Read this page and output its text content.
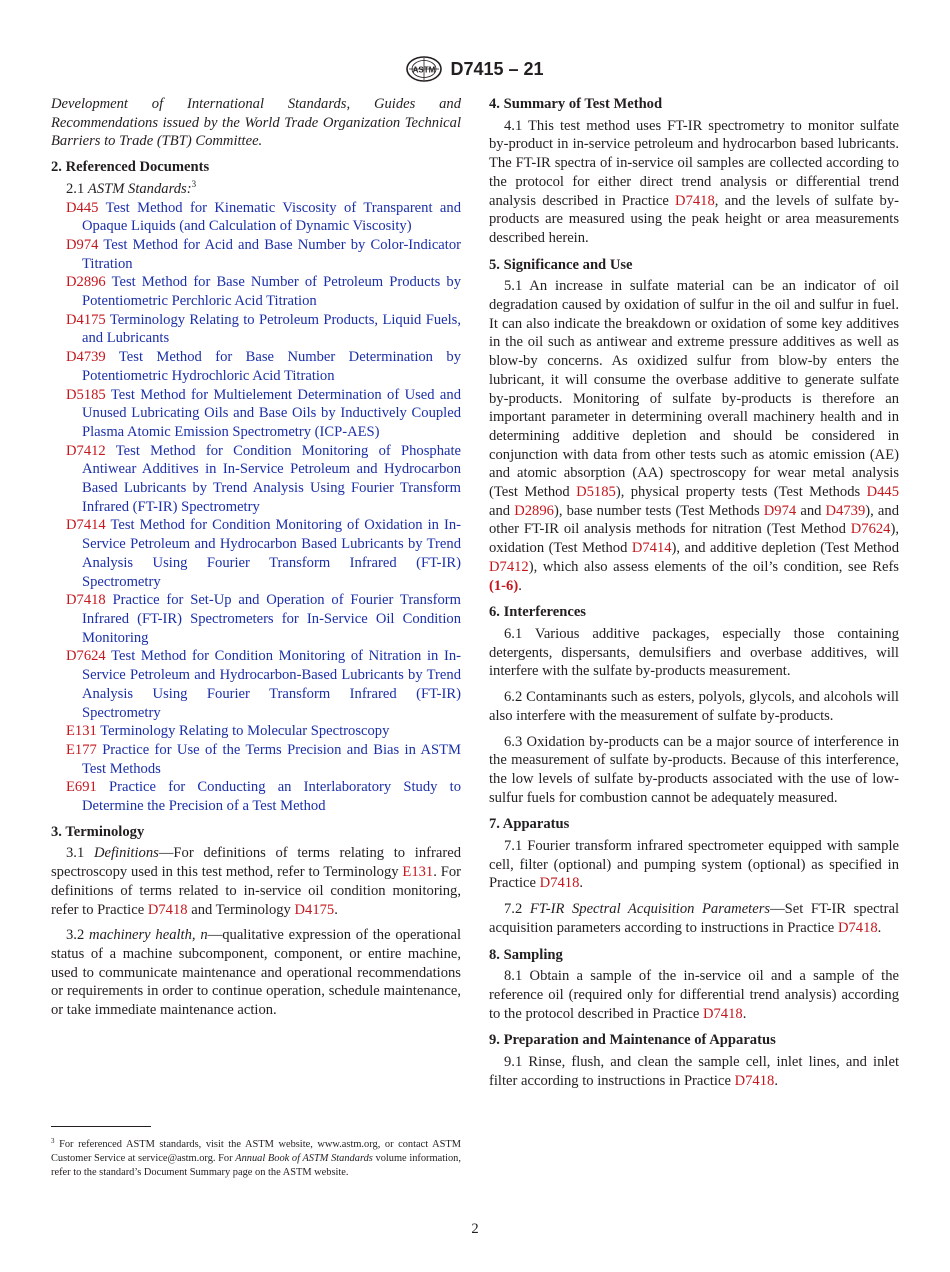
ASTM D7415 – 21

Development of International Standards, Guides and Recommendations issued by the World Trade Organization Technical Barriers to Trade (TBT) Committee.

2. Referenced Documents

2.1 ASTM Standards:$^3$

D445 Test Method for Kinematic Viscosity of Transparent and Opaque Liquids (and Calculation of Dynamic Viscosity)

D974 Test Method for Acid and Base Number by Color-Indicator Titration

D2896 Test Method for Base Number of Petroleum Products by Potentiometric Perchloric Acid Titration

D4175 Terminology Relating to Petroleum Products, Liquid Fuels, and Lubricants

D4739 Test Method for Base Number Determination by Potentiometric Hydrochloric Acid Titration

D5185 Test Method for Multielement Determination of Used and Unused Lubricating Oils and Base Oils by Inductively Coupled Plasma Atomic Emission Spectrometry (ICP-AES)

D7412 Test Method for Condition Monitoring of Phosphate Antiwear Additives in In-Service Petroleum and Hydrocarbon Based Lubricants by Trend Analysis Using Fourier Transform Infrared (FT-IR) Spectrometry

D7414 Test Method for Condition Monitoring of Oxidation in In-Service Petroleum and Hydrocarbon Based Lubricants by Trend Analysis Using Fourier Transform Infrared (FT-IR) Spectrometry

D7418 Practice for Set-Up and Operation of Fourier Transform Infrared (FT-IR) Spectrometers for In-Service Oil Condition Monitoring

D7624 Test Method for Condition Monitoring of Nitration in In-Service Petroleum and Hydrocarbon-Based Lubricants by Trend Analysis Using Fourier Transform Infrared (FT-IR) Spectrometry

E131 Terminology Relating to Molecular Spectroscopy

E177 Practice for Use of the Terms Precision and Bias in ASTM Test Methods

E691 Practice for Conducting an Interlaboratory Study to Determine the Precision of a Test Method

3. Terminology

3.1 Definitions—For definitions of terms relating to infrared spectroscopy used in this test method, refer to Terminology E131. For definitions of terms related to in-service oil condition monitoring, refer to Practice D7418 and Terminology D4175.

3.2 machinery health, n—qualitative expression of the operational status of a machine subcomponent, component, or entire machine, used to communicate maintenance and operational recommendations or requirements in order to continue operation, schedule maintenance, or take immediate maintenance action.

$^3$ For referenced ASTM standards, visit the ASTM website, www.astm.org, or contact ASTM Customer Service at service@astm.org. For Annual Book of ASTM Standards volume information, refer to the standard’s Document Summary page on the ASTM website.

4. Summary of Test Method

4.1 This test method uses FT-IR spectrometry to monitor sulfate by-product in in-service petroleum and hydrocarbon based lubricants. The FT-IR spectra of in-service oil samples are collected according to the protocol for either direct trend analysis or differential trend analysis described in Practice D7418, and the levels of sulfate by-products are measured using the peak height or area measurements described herein.

5. Significance and Use

5.1 An increase in sulfate material can be an indicator of oil degradation caused by oxidation of sulfur in the oil and sulfur in fuel. It can also indicate the breakdown or oxidation of some key additives in the oil such as antiwear and extreme pressure additives as well as blow-by concerns. As oxidized sulfur from blow-by enters the lubricant, it will consume the overbase additive to generate sulfate by-products. Monitoring of sulfate by-products is therefore an important parameter in determining overall machinery health and in determining additive depletion and should be considered in conjunction with data from other tests such as atomic emission (AE) and atomic absorption (AA) spectroscopy for wear metal analysis (Test Method D5185), physical property tests (Test Methods D445 and D2896), base number tests (Test Methods D974 and D4739), and other FT-IR oil analysis methods for nitration (Test Method D7624), oxidation (Test Method D7414), and additive depletion (Test Method D7412), which also assess elements of the oil’s condition, see Refs (1-6).

6. Interferences

6.1 Various additive packages, especially those containing detergents, dispersants, demulsifiers and overbase additives, will interfere with the sulfate by-products measurement.

6.2 Contaminants such as esters, polyols, glycols, and alcohols will also interfere with the measurement of sulfate by-products.

6.3 Oxidation by-products can be a major source of interference in the measurement of sulfate by-products. Because of this interference, the low levels of sulfate by-products associated with the use of low-sulfur fuels for combustion cannot be adequately measured.

7. Apparatus

7.1 Fourier transform infrared spectrometer equipped with sample cell, filter (optional) and pumping system (optional) as specified in Practice D7418.

7.2 FT-IR Spectral Acquisition Parameters—Set FT-IR spectral acquisition parameters according to instructions in Practice D7418.

8. Sampling

8.1 Obtain a sample of the in-service oil and a sample of the reference oil (required only for differential trend analysis) according to the protocol described in Practice D7418.

9. Preparation and Maintenance of Apparatus

9.1 Rinse, flush, and clean the sample cell, inlet lines, and inlet filter according to instructions in Practice D7418.

2
